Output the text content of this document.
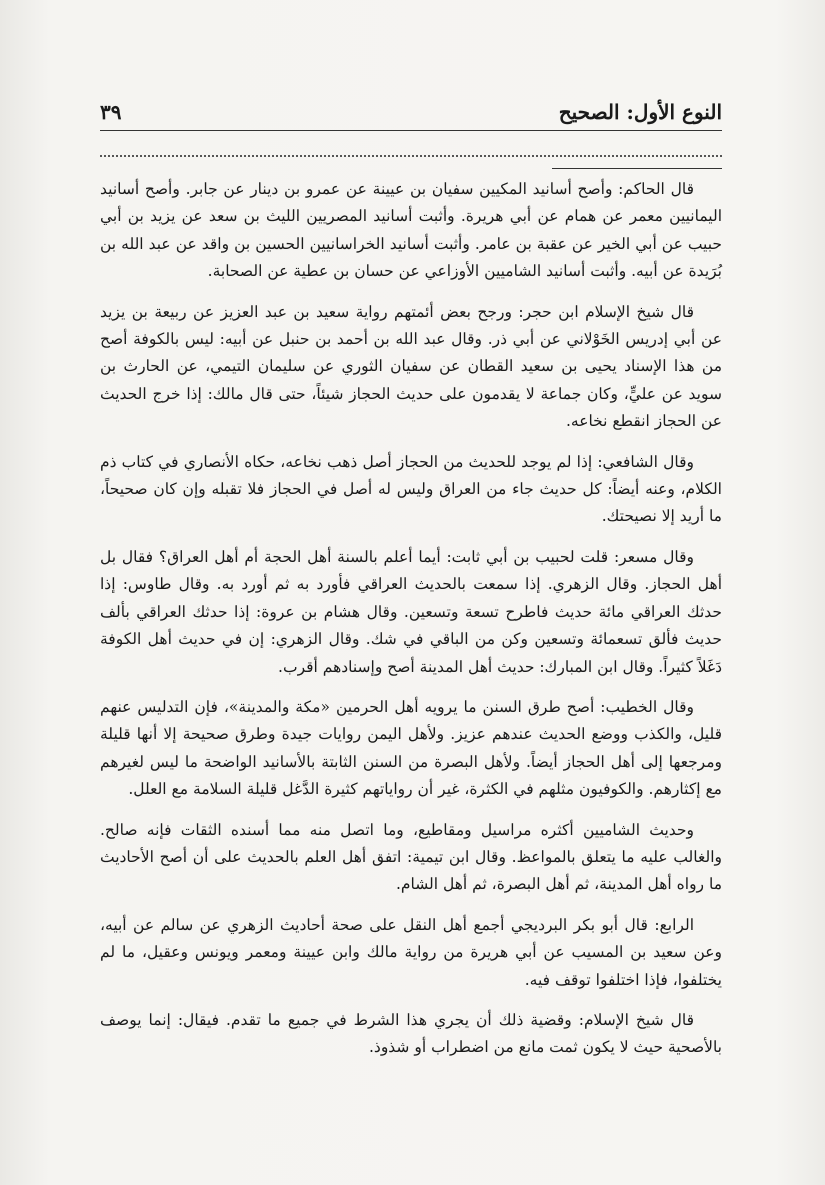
النوع الأول: الصحيح
٣٩

قال الحاكم: وأصح أسانيد المكيين سفيان بن عيينة عن عمرو بن دينار عن جابر. وأصح أسانيد اليمانيين معمر عن همام عن أبي هريرة. وأثبت أسانيد المصريين الليث بن سعد عن يزيد بن أبي حبيب عن أبي الخير عن عقبة بن عامر. وأثبت أسانيد الخراسانيين الحسين بن واقد عن عبد الله بن بُرَيدة عن أبيه. وأثبت أسانيد الشاميين الأوزاعي عن حسان بن عطية عن الصحابة.

قال شيخ الإسلام ابن حجر: ورجح بعض أئمتهم رواية سعيد بن عبد العزيز عن ربيعة بن يزيد عن أبي إدريس الخَوْلاني عن أبي ذر. وقال عبد الله بن أحمد بن حنبل عن أبيه: ليس بالكوفة أصح من هذا الإسناد يحيى بن سعيد القطان عن سفيان الثوري عن سليمان التيمي، عن الحارث بن سويد عن عليٍّ، وكان جماعة لا يقدمون على حديث الحجاز شيئاً، حتى قال مالك: إذا خرج الحديث عن الحجاز انقطع نخاعه.

وقال الشافعي: إذا لم يوجد للحديث من الحجاز أصل ذهب نخاعه، حكاه الأنصاري في كتاب ذم الكلام، وعنه أيضاً: كل حديث جاء من العراق وليس له أصل في الحجاز فلا تقبله وإن كان صحيحاً، ما أريد إلا نصيحتك.

وقال مسعر: قلت لحبيب بن أبي ثابت: أيما أعلم بالسنة أهل الحجة أم أهل العراق؟ فقال بل أهل الحجاز. وقال الزهري. إذا سمعت بالحديث العراقي فأورد به ثم أورد به. وقال طاوس: إذا حدثك العراقي مائة حديث فاطرح تسعة وتسعين. وقال هشام بن عروة: إذا حدثك العراقي بألف حديث فألق تسعمائة وتسعين وكن من الباقي في شك. وقال الزهري: إن في حديث أهل الكوفة دَغَلاً كثيراً. وقال ابن المبارك: حديث أهل المدينة أصح وإسنادهم أقرب.

وقال الخطيب: أصح طرق السنن ما يرويه أهل الحرمين «مكة والمدينة»، فإن التدليس عنهم قليل، والكذب ووضع الحديث عندهم عزيز. ولأهل اليمن روايات جيدة وطرق صحيحة إلا أنها قليلة ومرجعها إلى أهل الحجاز أيضاً. ولأهل البصرة من السنن الثابتة بالأسانيد الواضحة ما ليس لغيرهم مع إكثارهم. والكوفيون مثلهم في الكثرة، غير أن رواياتهم كثيرة الدَّغل قليلة السلامة مع العلل.

وحديث الشاميين أكثره مراسيل ومقاطيع، وما اتصل منه مما أسنده الثقات فإنه صالح. والغالب عليه ما يتعلق بالمواعظ. وقال ابن تيمية: اتفق أهل العلم بالحديث على أن أصح الأحاديث ما رواه أهل المدينة، ثم أهل البصرة، ثم أهل الشام.

الرابع: قال أبو بكر البرديجي أجمع أهل النقل على صحة أحاديث الزهري عن سالم عن أبيه، وعن سعيد بن المسيب عن أبي هريرة من رواية مالك وابن عيينة ومعمر ويونس وعقيل، ما لم يختلفوا، فإذا اختلفوا توقف فيه.

قال شيخ الإسلام: وقضية ذلك أن يجري هذا الشرط في جميع ما تقدم. فيقال: إنما يوصف بالأصحية حيث لا يكون ثمت مانع من اضطراب أو شذوذ.
